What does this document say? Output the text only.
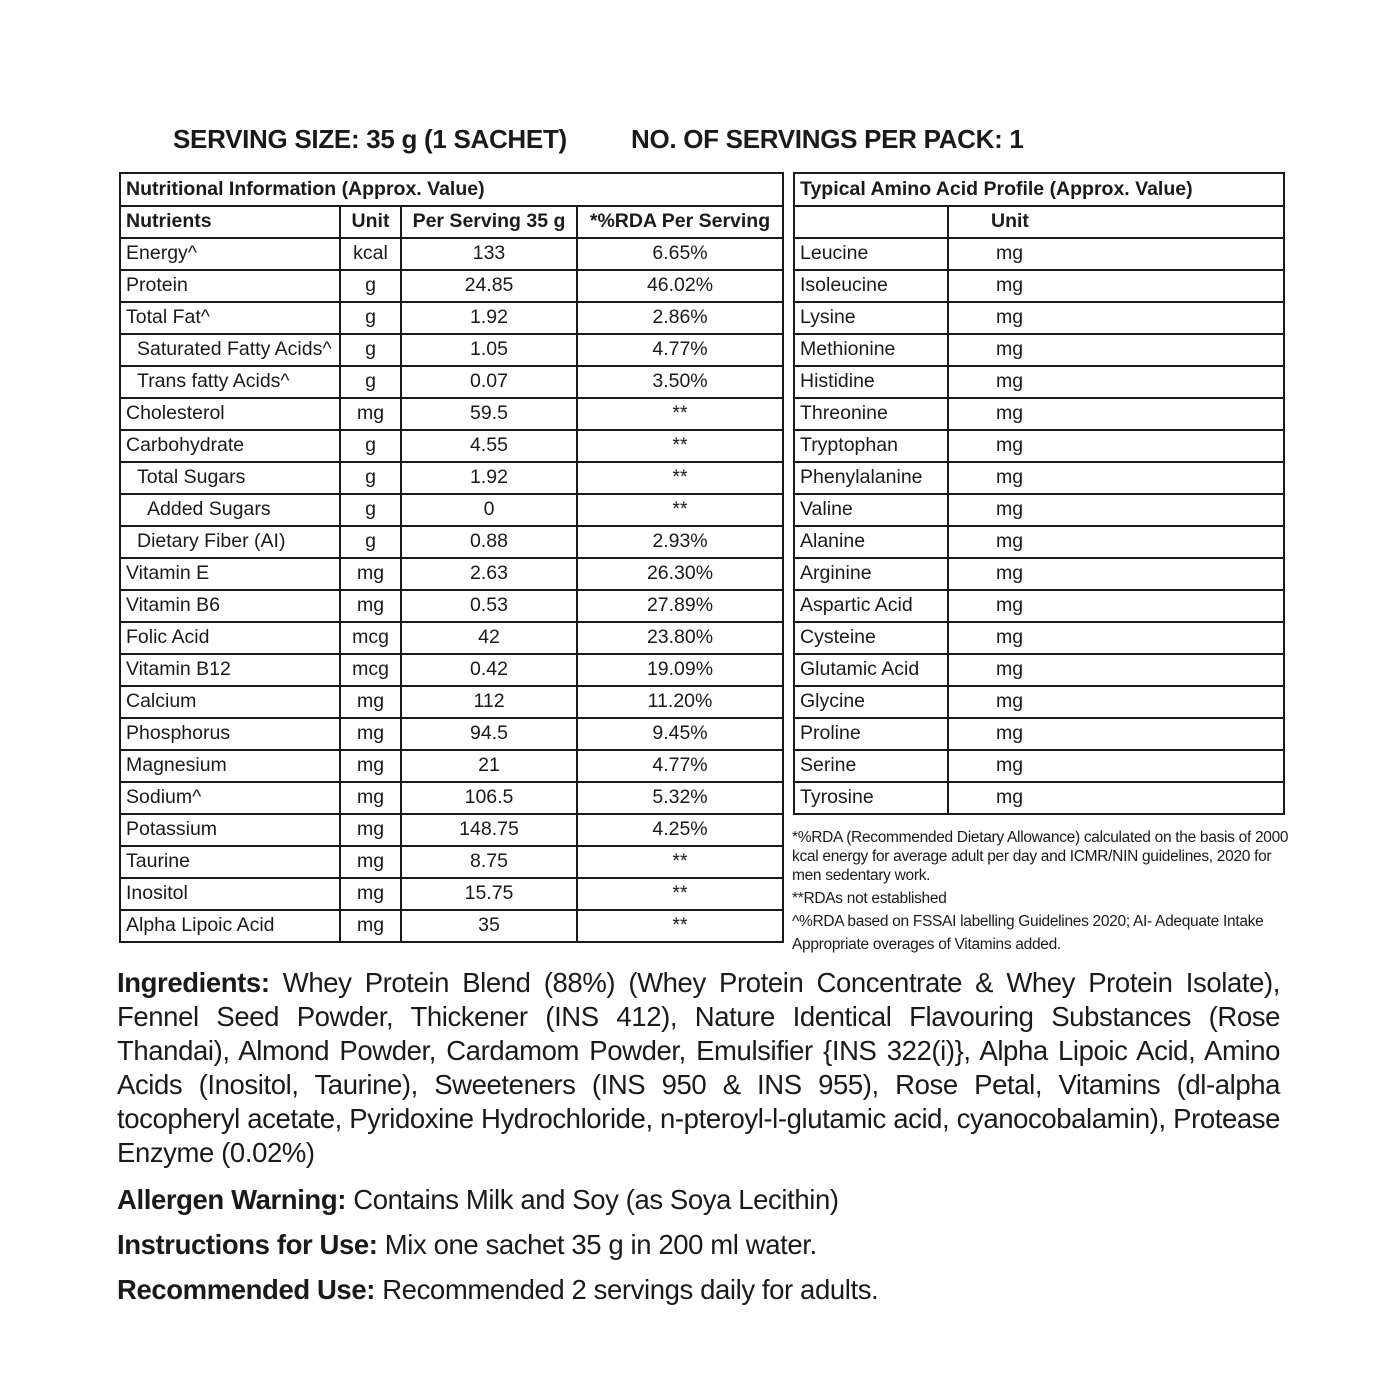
SERVING SIZE: 35 g (1 SACHET) NO. OF SERVINGS PER PACK: 1
Nutritional Information (Approx. Value)			
Nutrients	Unit	Per Serving 35 g	*%RDA Per Serving
Energy^	kcal	133	6.65%
Protein	g	24.85	46.02%
Total Fat^	g	1.92	2.86%
Saturated Fatty Acids^	g	1.05	4.77%
Trans fatty Acids^	g	0.07	3.50%
Cholesterol	mg	59.5	**
Carbohydrate	g	4.55	**
Total Sugars	g	1.92	**
Added Sugars	g	0	**
Dietary Fiber (AI)	g	0.88	2.93%
Vitamin E	mg	2.63	26.30%
Vitamin B6	mg	0.53	27.89%
Folic Acid	mcg	42	23.80%
Vitamin B12	mcg	0.42	19.09%
Calcium	mg	112	11.20%
Phosphorus	mg	94.5	9.45%
Magnesium	mg	21	4.77%
Sodium^	mg	106.5	5.32%
Potassium	mg	148.75	4.25%
Taurine	mg	8.75	**
Inositol	mg	15.75	**
Alpha Lipoic Acid	mg	35	**
Typical Amino Acid Profile (Approx. Value)	
	Unit
Leucine	mg
Isoleucine	mg
Lysine	mg
Methionine	mg
Histidine	mg
Threonine	mg
Tryptophan	mg
Phenylalanine	mg
Valine	mg
Alanine	mg
Arginine	mg
Aspartic Acid	mg
Cysteine	mg
Glutamic Acid	mg
Glycine	mg
Proline	mg
Serine	mg
Tyrosine	mg

*%RDA (Recommended Dietary Allowance) calculated on the basis of 2000 kcal energy for average adult per day and ICMR/NIN guidelines, 2020 for men sedentary work.

**RDAs not established

^%RDA based on FSSAI labelling Guidelines 2020; AI- Adequate Intake

Appropriate overages of Vitamins added.

Ingredients: Whey Protein Blend (88%) (Whey Protein Concentrate & Whey Protein Isolate), Fennel Seed Powder, Thickener (INS 412), Nature Identical Flavouring Substances (Rose Thandai), Almond Powder, Cardamom Powder, Emulsifier {INS 322(i)}, Alpha Lipoic Acid, Amino Acids (Inositol, Taurine), Sweeteners (INS 950 & INS 955), Rose Petal, Vitamins (dl-alpha tocopheryl acetate, Pyridoxine Hydrochloride, n-pteroyl-l-glutamic acid, cyanocobalamin), Protease Enzyme (0.02%)

Allergen Warning: Contains Milk and Soy (as Soya Lecithin)

Instructions for Use: Mix one sachet 35 g in 200 ml water.

Recommended Use: Recommended 2 servings daily for adults.
